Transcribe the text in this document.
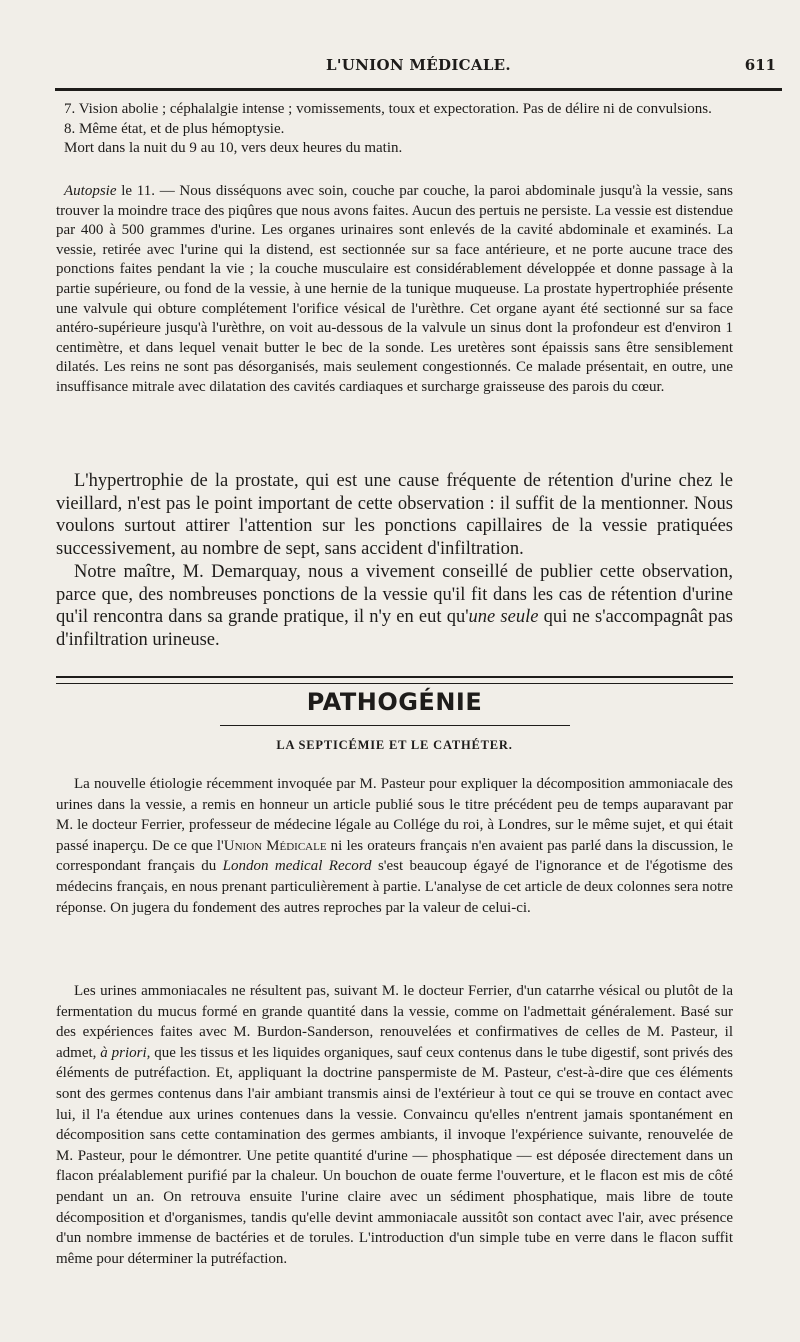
L'UNION MÉDICALE.	611

7. Vision abolie ; céphalalgie intense ; vomissements, toux et expectoration. Pas de délire ni de convulsions.

8. Même état, et de plus hémoptysie.

Mort dans la nuit du 9 au 10, vers deux heures du matin.

Autopsie le 11. — Nous disséquons avec soin, couche par couche, la paroi abdominale jusqu'à la vessie, sans trouver la moindre trace des piqûres que nous avons faites. Aucun des pertuis ne persiste. La vessie est distendue par 400 à 500 grammes d'urine. Les organes urinaires sont enlevés de la cavité abdominale et examinés. La vessie, retirée avec l'urine qui la distend, est sectionnée sur sa face antérieure, et ne porte aucune trace des ponctions faites pendant la vie ; la couche musculaire est considérablement développée et donne passage à la partie supérieure, ou fond de la vessie, à une hernie de la tunique muqueuse. La prostate hypertrophiée présente une valvule qui obture complétement l'orifice vésical de l'urèthre. Cet organe ayant été sectionné sur sa face antéro-supérieure jusqu'à l'urèthre, on voit au-dessous de la valvule un sinus dont la profondeur est d'environ 1 centimètre, et dans lequel venait butter le bec de la sonde. Les uretères sont épaissis sans être sensiblement dilatés. Les reins ne sont pas désorganisés, mais seulement congestionnés. Ce malade présentait, en outre, une insuffisance mitrale avec dilatation des cavités cardiaques et surcharge graisseuse des parois du cœur.

L'hypertrophie de la prostate, qui est une cause fréquente de rétention d'urine chez le vieillard, n'est pas le point important de cette observation : il suffit de la mentionner. Nous voulons surtout attirer l'attention sur les ponctions capillaires de la vessie pratiquées successivement, au nombre de sept, sans accident d'infiltration.

Notre maître, M. Demarquay, nous a vivement conseillé de publier cette observation, parce que, des nombreuses ponctions de la vessie qu'il fit dans les cas de rétention d'urine qu'il rencontra dans sa grande pratique, il n'y en eut qu'une seule qui ne s'accompagnât pas d'infiltration urineuse.

PATHOGÉNIE
LA SEPTICÉMIE ET LE CATHÉTER.

La nouvelle étiologie récemment invoquée par M. Pasteur pour expliquer la décomposition ammoniacale des urines dans la vessie, a remis en honneur un article publié sous le titre précédent peu de temps auparavant par M. le docteur Ferrier, professeur de médecine légale au Collége du roi, à Londres, sur le même sujet, et qui était passé inaperçu. De ce que l'Union Médicale ni les orateurs français n'en avaient pas parlé dans la discussion, le correspondant français du London medical Record s'est beaucoup égayé de l'ignorance et de l'égotisme des médecins français, en nous prenant particulièrement à partie. L'analyse de cet article de deux colonnes sera notre réponse. On jugera du fondement des autres reproches par la valeur de celui-ci.

Les urines ammoniacales ne résultent pas, suivant M. le docteur Ferrier, d'un catarrhe vésical ou plutôt de la fermentation du mucus formé en grande quantité dans la vessie, comme on l'admettait généralement. Basé sur des expériences faites avec M. Burdon-Sanderson, renouvelées et confirmatives de celles de M. Pasteur, il admet, à priori, que les tissus et les liquides organiques, sauf ceux contenus dans le tube digestif, sont privés des éléments de putréfaction. Et, appliquant la doctrine panspermiste de M. Pasteur, c'est-à-dire que ces éléments sont des germes contenus dans l'air ambiant transmis ainsi de l'extérieur à tout ce qui se trouve en contact avec lui, il l'a étendue aux urines contenues dans la vessie. Convaincu qu'elles n'entrent jamais spontanément en décomposition sans cette contamination des germes ambiants, il invoque l'expérience suivante, renouvelée de M. Pasteur, pour le démontrer. Une petite quantité d'urine — phosphatique — est déposée directement dans un flacon préalablement purifié par la chaleur. Un bouchon de ouate ferme l'ouverture, et le flacon est mis de côté pendant un an. On retrouva ensuite l'urine claire avec un sédiment phosphatique, mais libre de toute décomposition et d'organismes, tandis qu'elle devint ammoniacale aussitôt son contact avec l'air, avec présence d'un nombre immense de bactéries et de torules. L'introduction d'un simple tube en verre dans le flacon suffit même pour déterminer la putréfaction.
